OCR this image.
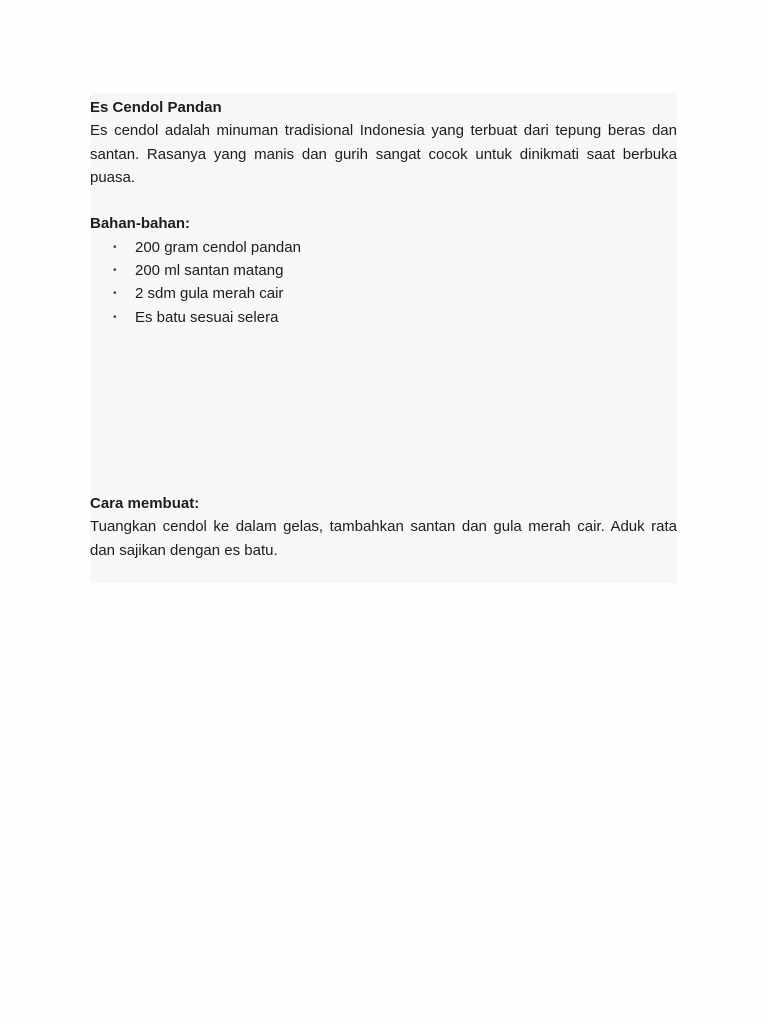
Es Cendol Pandan

Es cendol adalah minuman tradisional Indonesia yang terbuat dari tepung beras dan santan. Rasanya yang manis dan gurih sangat cocok untuk dinikmati saat berbuka puasa.

Bahan-bahan:
• 200 gram cendol pandan
• 200 ml santan matang
• 2 sdm gula merah cair
• Es batu sesuai selera
Cara membuat:

Tuangkan cendol ke dalam gelas, tambahkan santan dan gula merah cair. Aduk rata dan sajikan dengan es batu.
